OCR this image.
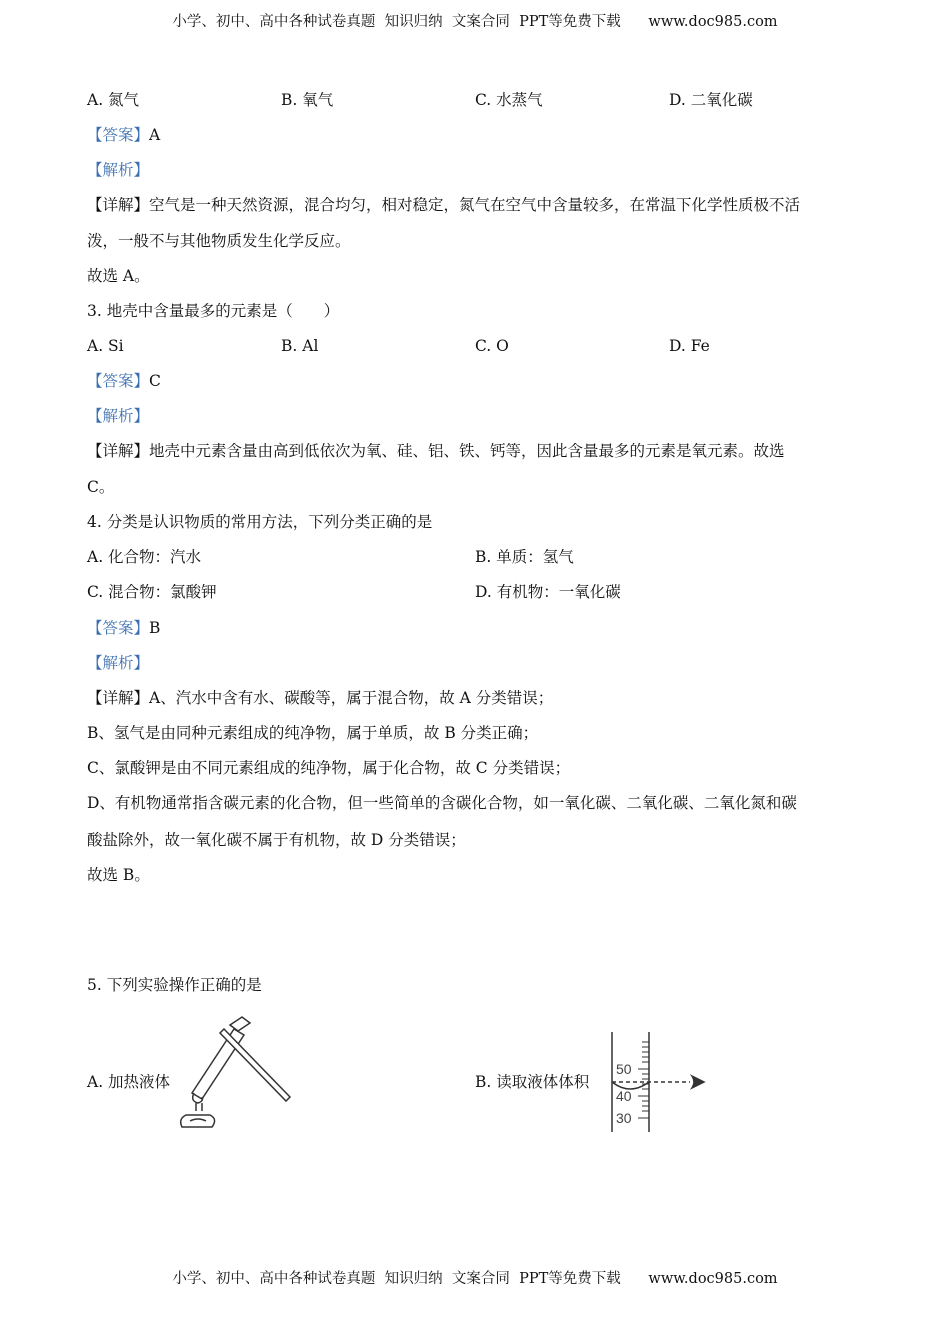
小学、初中、高中各种试卷真题  知识归纳  文案合同  PPT等免费下载      www.doc985.com
A. 氮气	B. 氧气	C. 水蒸气	D. 二氧化碳
【答案】A
【解析】
【详解】空气是一种天然资源，混合均匀，相对稳定，氮气在空气中含量较多，在常温下化学性质极不活
泼，一般不与其他物质发生化学反应。
故选 A。
3. 地壳中含量最多的元素是（　　）
A. Si	B. Al	C. O	D. Fe
【答案】C
【解析】
【详解】地壳中元素含量由高到低依次为氧、硅、铝、铁、钙等，因此含量最多的元素是氧元素。故选
C。
4. 分类是认识物质的常用方法，下列分类正确的是
A. 化合物：汽水	B. 单质：氢气
C. 混合物：氯酸钾	D. 有机物：一氧化碳
【答案】B
【解析】
【详解】A、汽水中含有水、碳酸等，属于混合物，故 A 分类错误；
B、氢气是由同种元素组成的纯净物，属于单质，故 B 分类正确；
C、氯酸钾是由不同元素组成的纯净物，属于化合物，故 C 分类错误；
D、有机物通常指含碳元素的化合物，但一些简单的含碳化合物，如一氧化碳、二氧化碳、二氧化氮和碳
酸盐除外，故一氧化碳不属于有机物，故 D 分类错误；
故选 B。
5. 下列实验操作正确的是
A. 加热液体	B. 读取液体体积
50
40
30
小学、初中、高中各种试卷真题  知识归纳  文案合同  PPT等免费下载      www.doc985.com
